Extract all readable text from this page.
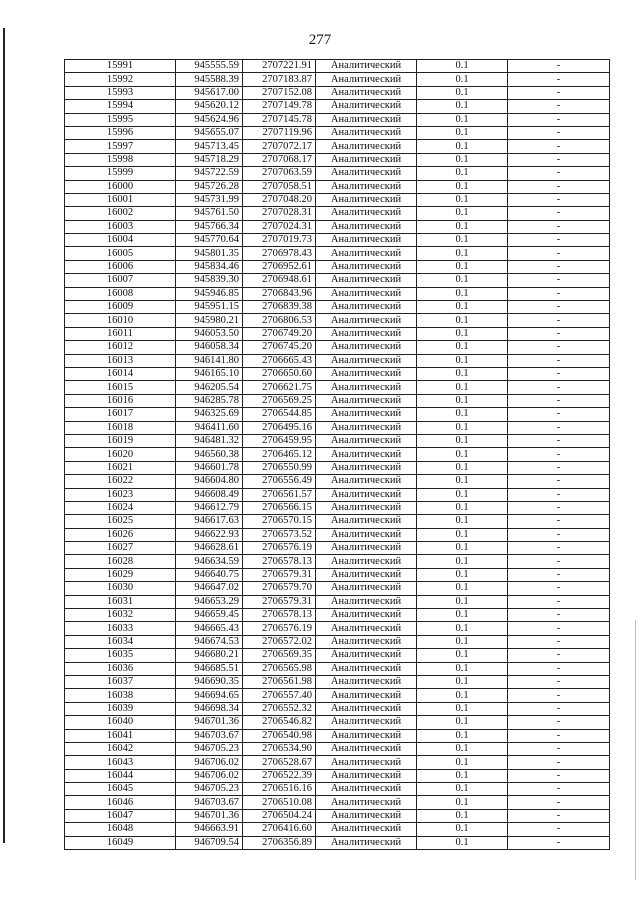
277
15991	945555.59	2707221.91	Аналитический	0.1	-
15992	945588.39	2707183.87	Аналитический	0.1	-
15993	945617.00	2707152.08	Аналитический	0.1	-
15994	945620.12	2707149.78	Аналитический	0.1	-
15995	945624.96	2707145.78	Аналитический	0.1	-
15996	945655.07	2707119.96	Аналитический	0.1	-
15997	945713.45	2707072.17	Аналитический	0.1	-
15998	945718.29	2707068.17	Аналитический	0.1	-
15999	945722.59	2707063.59	Аналитический	0.1	-
16000	945726.28	2707058.51	Аналитический	0.1	-
16001	945731.99	2707048.20	Аналитический	0.1	-
16002	945761.50	2707028.31	Аналитический	0.1	-
16003	945766.34	2707024.31	Аналитический	0.1	-
16004	945770.64	2707019.73	Аналитический	0.1	-
16005	945801.35	2706978.43	Аналитический	0.1	-
16006	945834.46	2706952.61	Аналитический	0.1	-
16007	945839.30	2706948.61	Аналитический	0.1	-
16008	945946.85	2706843.96	Аналитический	0.1	-
16009	945951.15	2706839.38	Аналитический	0.1	-
16010	945980.21	2706806.53	Аналитический	0.1	-
16011	946053.50	2706749.20	Аналитический	0.1	-
16012	946058.34	2706745.20	Аналитический	0.1	-
16013	946141.80	2706665.43	Аналитический	0.1	-
16014	946165.10	2706650.60	Аналитический	0.1	-
16015	946205.54	2706621.75	Аналитический	0.1	-
16016	946285.78	2706569.25	Аналитический	0.1	-
16017	946325.69	2706544.85	Аналитический	0.1	-
16018	946411.60	2706495.16	Аналитический	0.1	-
16019	946481.32	2706459.95	Аналитический	0.1	-
16020	946560.38	2706465.12	Аналитический	0.1	-
16021	946601.78	2706550.99	Аналитический	0.1	-
16022	946604.80	2706556.49	Аналитический	0.1	-
16023	946608.49	2706561.57	Аналитический	0.1	-
16024	946612.79	2706566.15	Аналитический	0.1	-
16025	946617.63	2706570.15	Аналитический	0.1	-
16026	946622.93	2706573.52	Аналитический	0.1	-
16027	946628.61	2706576.19	Аналитический	0.1	-
16028	946634.59	2706578.13	Аналитический	0.1	-
16029	946640.75	2706579.31	Аналитический	0.1	-
16030	946647.02	2706579.70	Аналитический	0.1	-
16031	946653.29	2706579.31	Аналитический	0.1	-
16032	946659.45	2706578.13	Аналитический	0.1	-
16033	946665.43	2706576.19	Аналитический	0.1	-
16034	946674.53	2706572.02	Аналитический	0.1	-
16035	946680.21	2706569.35	Аналитический	0.1	-
16036	946685.51	2706565.98	Аналитический	0.1	-
16037	946690.35	2706561.98	Аналитический	0.1	-
16038	946694.65	2706557.40	Аналитический	0.1	-
16039	946698.34	2706552.32	Аналитический	0.1	-
16040	946701.36	2706546.82	Аналитический	0.1	-
16041	946703.67	2706540.98	Аналитический	0.1	-
16042	946705.23	2706534.90	Аналитический	0.1	-
16043	946706.02	2706528.67	Аналитический	0.1	-
16044	946706.02	2706522.39	Аналитический	0.1	-
16045	946705.23	2706516.16	Аналитический	0.1	-
16046	946703.67	2706510.08	Аналитический	0.1	-
16047	946701.36	2706504.24	Аналитический	0.1	-
16048	946663.91	2706416.60	Аналитический	0.1	-
16049	946709.54	2706356.89	Аналитический	0.1	-
